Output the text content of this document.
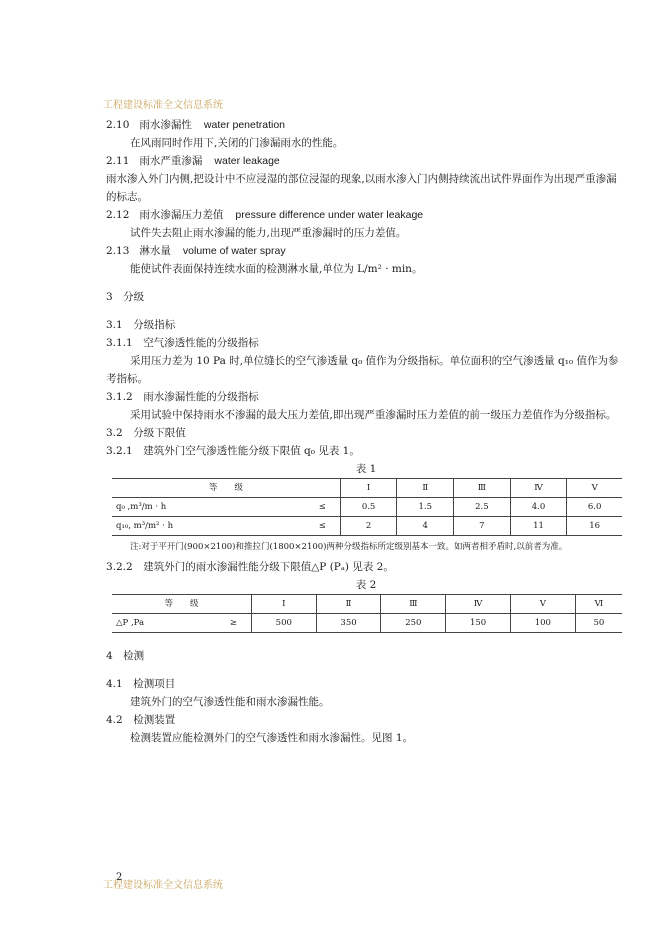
工程建设标准全文信息系统
2.10 雨水渗漏性 water penetration
在风雨同时作用下,关闭的门渗漏雨水的性能。
2.11 雨水严重渗漏 water leakage
雨水渗入外门内侧,把设计中不应浸湿的部位浸湿的现象,以雨水渗入门内侧持续流出试件界面作为出现严重渗漏的标志。
2.12 雨水渗漏压力差值 pressure difference under water leakage
试件失去阻止雨水渗漏的能力,出现严重渗漏时的压力差值。
2.13 淋水量 volume of water spray
能使试件表面保持连续水面的检测淋水量,单位为 L/m² · min。
3　分级
3.1　分级指标
3.1.1　空气渗透性能的分级指标
采用压力差为 10 Pa 时,单位缝长的空气渗透量 q₀ 值作为分级指标。单位面积的空气渗透量 q₁₀ 值作为参考指标。
3.1.2　雨水渗漏性能的分级指标
采用试验中保持雨水不渗漏的最大压力差值,即出现严重渗漏时压力差值的前一级压力差值作为分级指标。
3.2　分级下限值
3.2.1　建筑外门空气渗透性能分级下限值 q₀ 见表 1。
表 1
等　　级		Ⅰ	Ⅱ	Ⅲ	Ⅳ	Ⅴ
q₀ ,m³/m · h	≤	0.5	1.5	2.5	4.0	6.0
q₁₀, m³/m² · h	≤	2	4	7	11	16
注:对于平开门(900×2100)和推拉门(1800×2100)两种分级指标所定级别基本一致。如两者相矛盾时,以前者为准。
3.2.2　建筑外门的雨水渗漏性能分级下限值△P (Pₐ) 见表 2。
表 2
等　　级		Ⅰ	Ⅱ	Ⅲ	Ⅳ	Ⅴ	Ⅵ
△P ,Pa	≥	500	350	250	150	100	50
4　检测
4.1　检测项目
建筑外门的空气渗透性能和雨水渗漏性能。
4.2　检测装置
检测装置应能检测外门的空气渗透性和雨水渗漏性。见图 1。
2
工程建设标准全文信息系统
